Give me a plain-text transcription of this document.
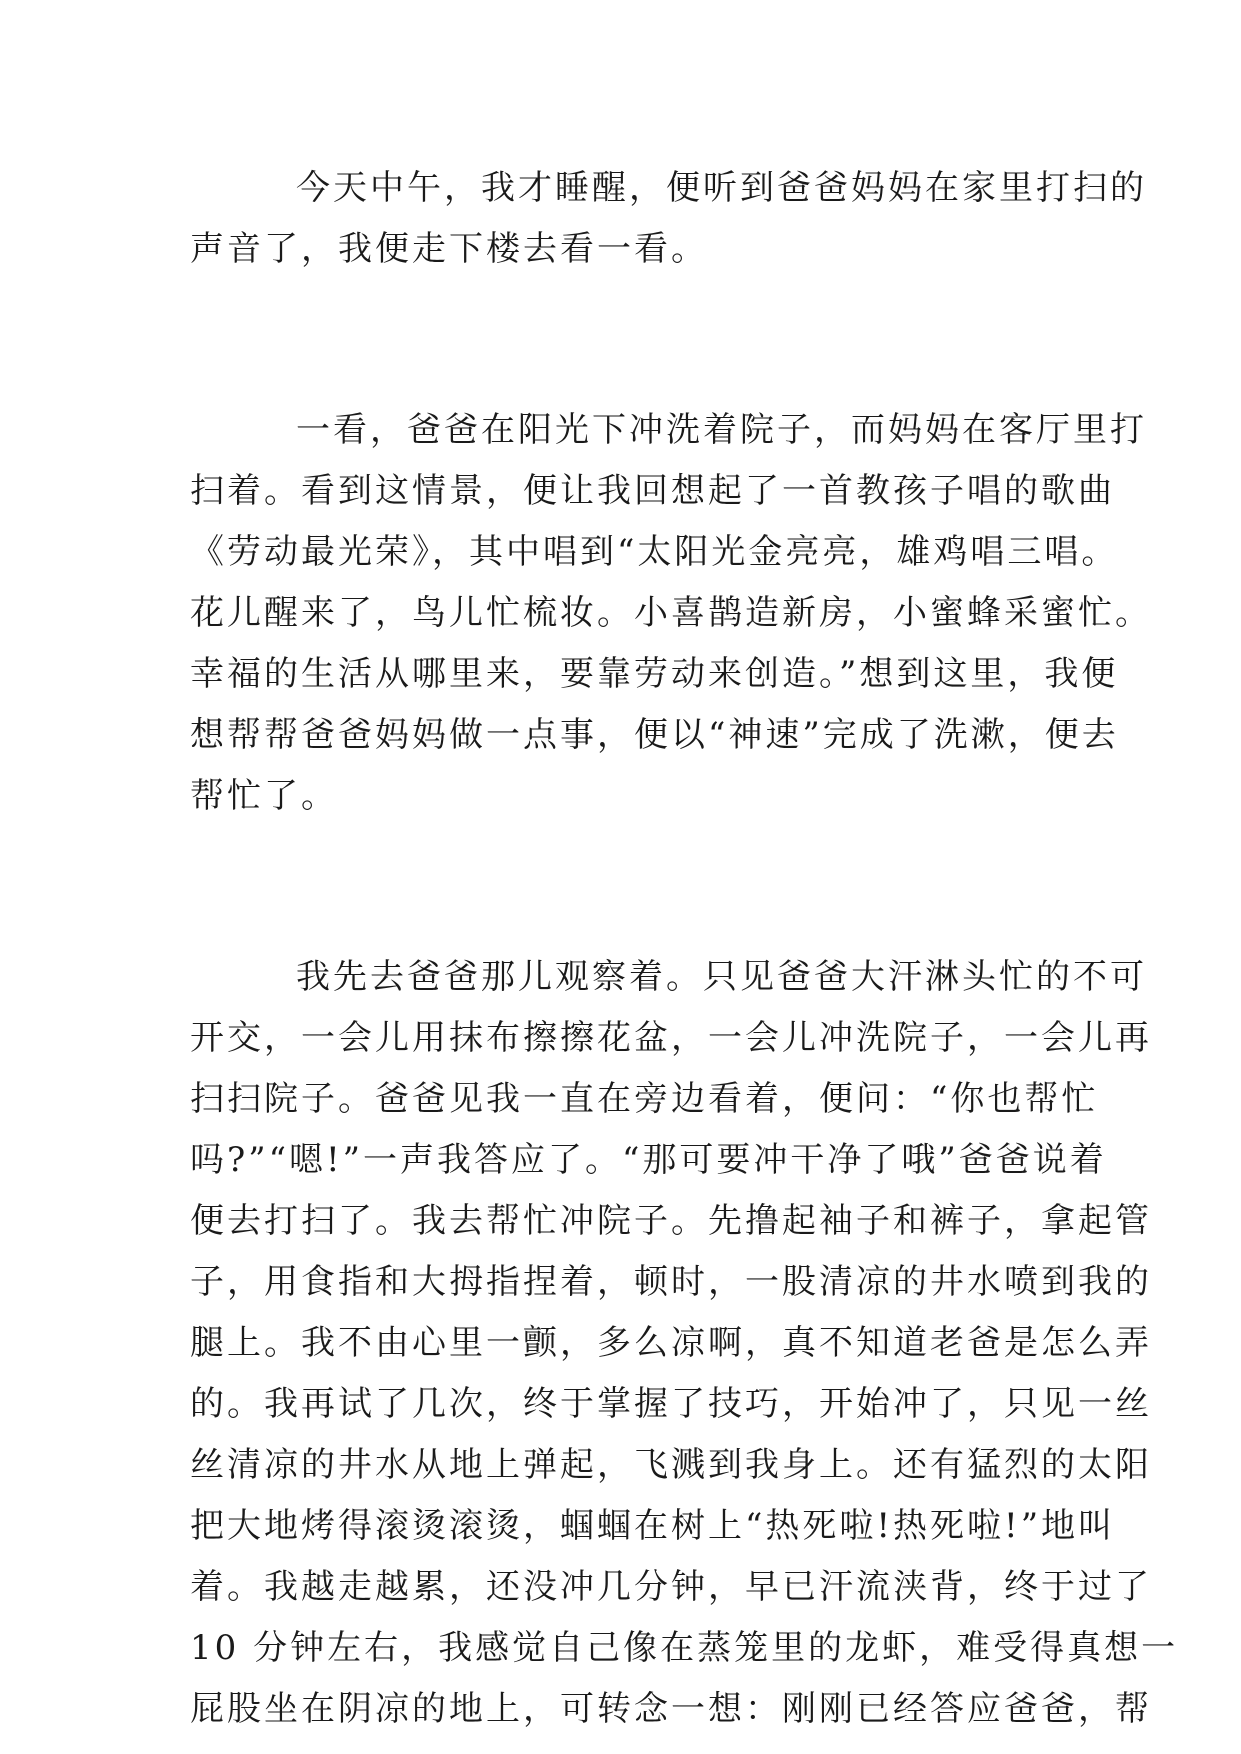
今天中午，我才睡醒，便听到爸爸妈妈在家里打扫的
声音了，我便走下楼去看一看。
一看，爸爸在阳光下冲洗着院子，而妈妈在客厅里打
扫着。看到这情景，便让我回想起了一首教孩子唱的歌曲
《劳动最光荣》，其中唱到“太阳光金亮亮，雄鸡唱三唱。
花儿醒来了，鸟儿忙梳妆。小喜鹊造新房，小蜜蜂采蜜忙。
幸福的生活从哪里来，要靠劳动来创造。”想到这里，我便
想帮帮爸爸妈妈做一点事，便以“神速”完成了洗漱，便去
帮忙了。
我先去爸爸那儿观察着。只见爸爸大汗淋头忙的不可
开交，一会儿用抹布擦擦花盆，一会儿冲洗院子，一会儿再
扫扫院子。爸爸见我一直在旁边看着，便问：“你也帮忙
吗?”“嗯!”一声我答应了。“那可要冲干净了哦”爸爸说着
便去打扫了。我去帮忙冲院子。先撸起袖子和裤子，拿起管
子，用食指和大拇指捏着，顿时，一股清凉的井水喷到我的
腿上。我不由心里一颤，多么凉啊，真不知道老爸是怎么弄
的。我再试了几次，终于掌握了技巧，开始冲了，只见一丝
丝清凉的井水从地上弹起，飞溅到我身上。还有猛烈的太阳
把大地烤得滚烫滚烫，蝈蝈在树上“热死啦!热死啦!”地叫
着。我越走越累，还没冲几分钟，早已汗流浃背，终于过了
10 分钟左右，我感觉自己像在蒸笼里的龙虾，难受得真想一
屁股坐在阴凉的地上，可转念一想：刚刚已经答应爸爸，帮
